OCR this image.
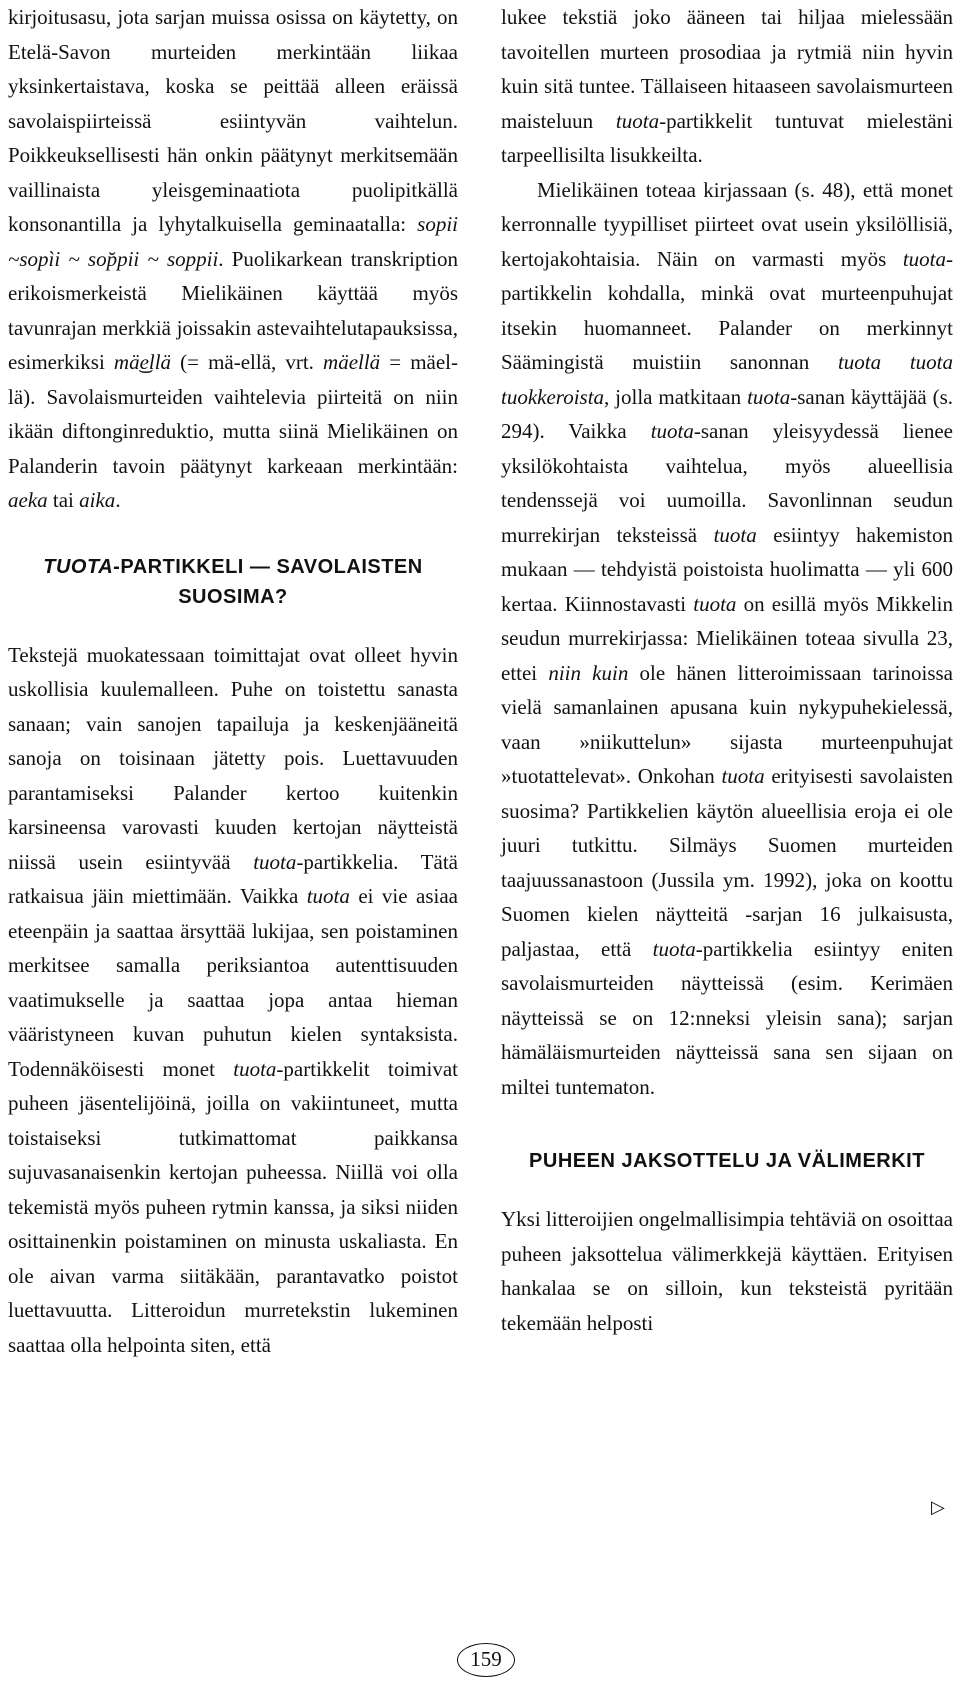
kirjoitusasu, jota sarjan muissa osissa on käytetty, on Etelä-Savon murteiden merkintään liikaa yksinkertaistava, koska se peittää alleen eräissä savolaispiirteissä esiintyvän vaihtelun. Poikkeuksellisesti hän onkin päätynyt merkitsemään vaillinaista yleisgeminaatiota puolipitkällä konsonantilla ja lyhytalkuisella geminaatalla: sopii ~sopìi ~ sop̆pii ~ soppii. Puolikarkean transkription erikoismerkeistä Mielikäinen käyttää myös tavunrajan merkkiä joissakin astevaihtelutapauksissa, esimerkiksi mä͜ellä (= mä-ellä, vrt. mäellä = mäel-lä). Savolaismurteiden vaihtelevia piirteitä on niin ikään diftonginreduktio, mutta siinä Mielikäinen on Palanderin tavoin päätynyt karkeaan merkintään: aeka tai aika.

TUOTA-PARTIKKELI — SAVOLAISTEN SUOSIMA?

Tekstejä muokatessaan toimittajat ovat olleet hyvin uskollisia kuulemalleen. Puhe on toistettu sanasta sanaan; vain sanojen tapailuja ja keskenjääneitä sanoja on toisinaan jätetty pois. Luettavuuden parantamiseksi Palander kertoo kuitenkin karsineensa varovasti kuuden kertojan näytteistä niissä usein esiintyvää tuota-partikkelia. Tätä ratkaisua jäin miettimään. Vaikka tuota ei vie asiaa eteenpäin ja saattaa ärsyttää lukijaa, sen poistaminen merkitsee samalla periksiantoa autenttisuuden vaatimukselle ja saattaa jopa antaa hieman vääristyneen kuvan puhutun kielen syntaksista. Todennäköisesti monet tuota-partikkelit toimivat puheen jäsentelijöinä, joilla on vakiintuneet, mutta toistaiseksi tutkimattomat paikkansa sujuvasanaisenkin kertojan puheessa. Niillä voi olla tekemistä myös puheen rytmin kanssa, ja siksi niiden osittainenkin poistaminen on minusta uskaliasta. En ole aivan varma siitäkään, parantavatko poistot luettavuutta. Litteroidun murretekstin lukeminen saattaa olla helpointa siten, että

lukee tekstiä joko ääneen tai hiljaa mielessään tavoitellen murteen prosodiaa ja rytmiä niin hyvin kuin sitä tuntee. Tällaiseen hitaaseen savolaismurteen maisteluun tuota-partikkelit tuntuvat mielestäni tarpeellisilta lisukkeilta.

Mielikäinen toteaa kirjassaan (s. 48), että monet kerronnalle tyypilliset piirteet ovat usein yksilöllisiä, kertojakohtaisia. Näin on varmasti myös tuota-partikkelin kohdalla, minkä ovat murteenpuhujat itsekin huomanneet. Palander on merkinnyt Säämingistä muistiin sanonnan tuota tuota tuokkeroista, jolla matkitaan tuota-sanan käyttäjää (s. 294). Vaikka tuota-sanan yleisyydessä lienee yksilökohtaista vaihtelua, myös alueellisia tendenssejä voi uumoilla. Savonlinnan seudun murrekirjan teksteissä tuota esiintyy hakemiston mukaan — tehdyistä poistoista huolimatta — yli 600 kertaa. Kiinnostavasti tuota on esillä myös Mikkelin seudun murrekirjassa: Mielikäinen toteaa sivulla 23, ettei niin kuin ole hänen litteroimissaan tarinoissa vielä samanlainen apusana kuin nykypuhekielessä, vaan »niikuttelun» sijasta murteenpuhujat »tuotattelevat». Onkohan tuota erityisesti savolaisten suosima? Partikkelien käytön alueellisia eroja ei ole juuri tutkittu. Silmäys Suomen murteiden taajuussanastoon (Jussila ym. 1992), joka on koottu Suomen kielen näytteitä -sarjan 16 julkaisusta, paljastaa, että tuota-partikkelia esiintyy eniten savolaismurteiden näytteissä (esim. Kerimäen näytteissä se on 12:nneksi yleisin sana); sarjan hämäläismurteiden näytteissä sana sen sijaan on miltei tuntematon.

PUHEEN JAKSOTTELU JA VÄLIMERKIT

Yksi litteroijien ongelmallisimpia tehtäviä on osoittaa puheen jaksottelua välimerkkejä käyttäen. Erityisen hankalaa se on silloin, kun teksteistä pyritään tekemään helposti

▷
159
